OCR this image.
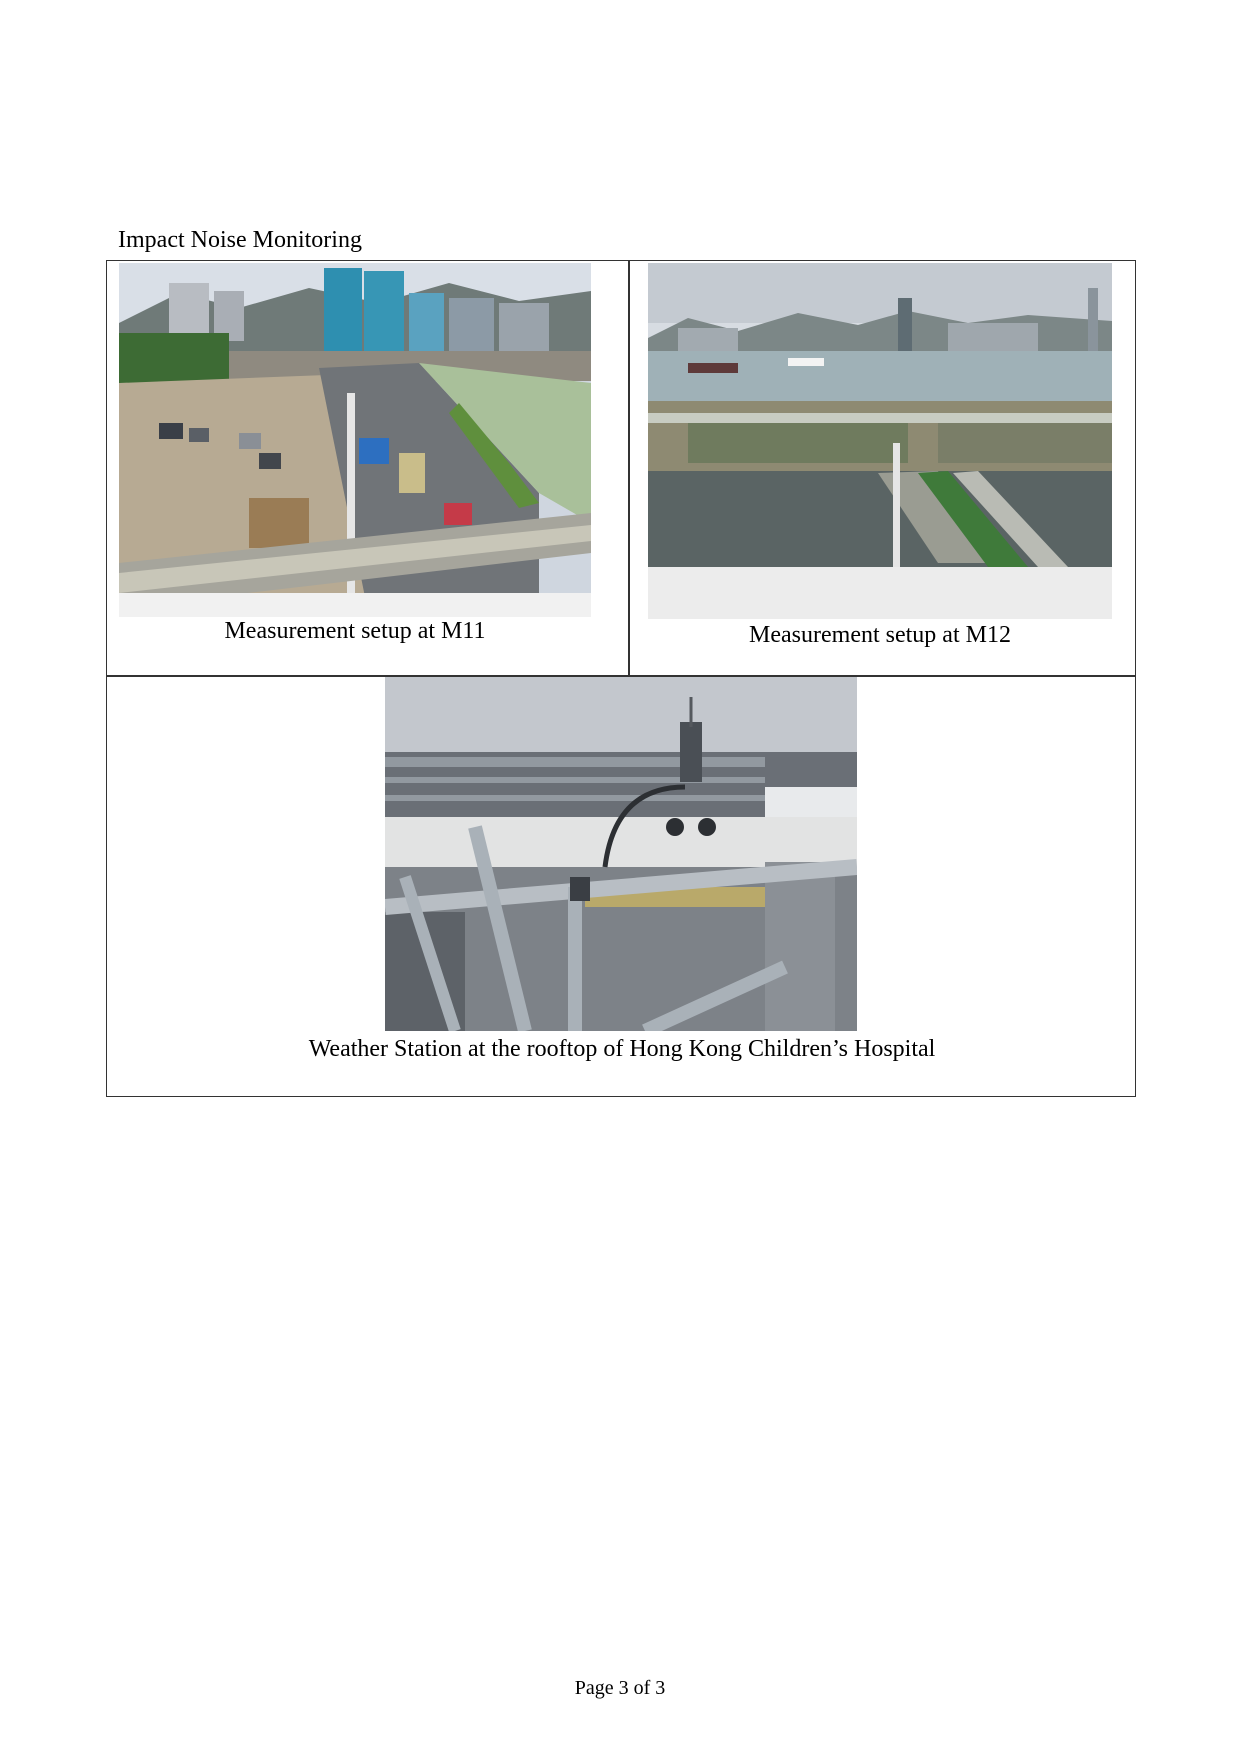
Impact Noise Monitoring
Measurement setup at M11	Measurement setup at M12
Weather Station at the rooftop of Hong Kong Children’s Hospital
Page 3 of 3
